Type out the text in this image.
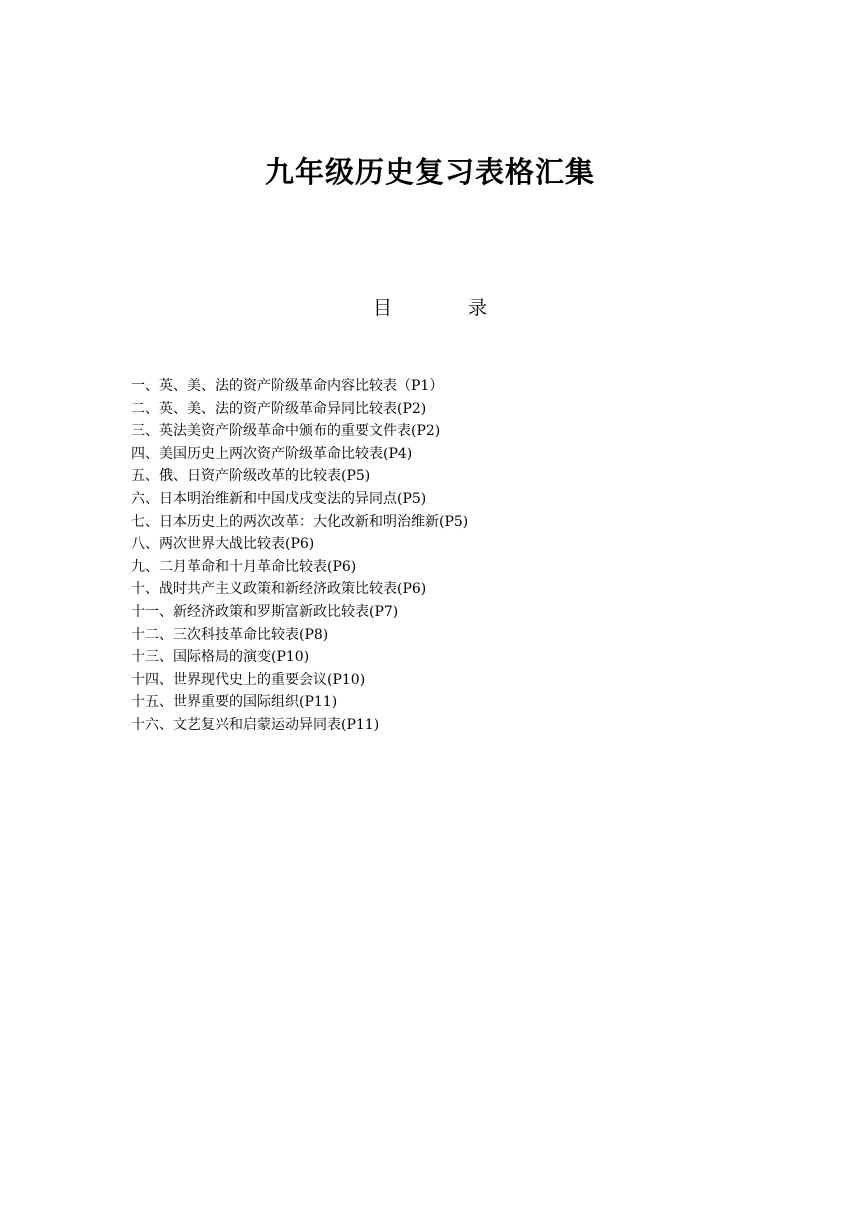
九年级历史复习表格汇集
目	录
一、英、美、法的资产阶级革命内容比较表（P1）
二、英、美、法的资产阶级革命异同比较表(P2)
三、英法美资产阶级革命中颁布的重要文件表(P2)
四、美国历史上两次资产阶级革命比较表(P4)
五、俄、日资产阶级改革的比较表(P5)
六、日本明治维新和中国戊戌变法的异同点(P5)
七、日本历史上的两次改革：大化改新和明治维新(P5)
八、两次世界大战比较表(P6)
九、二月革命和十月革命比较表(P6)
十、战时共产主义政策和新经济政策比较表(P6)
十一、新经济政策和罗斯富新政比较表(P7)
十二、三次科技革命比较表(P8)
十三、国际格局的演变(P10)
十四、世界现代史上的重要会议(P10)
十五、世界重要的国际组织(P11)
十六、文艺复兴和启蒙运动异同表(P11)
